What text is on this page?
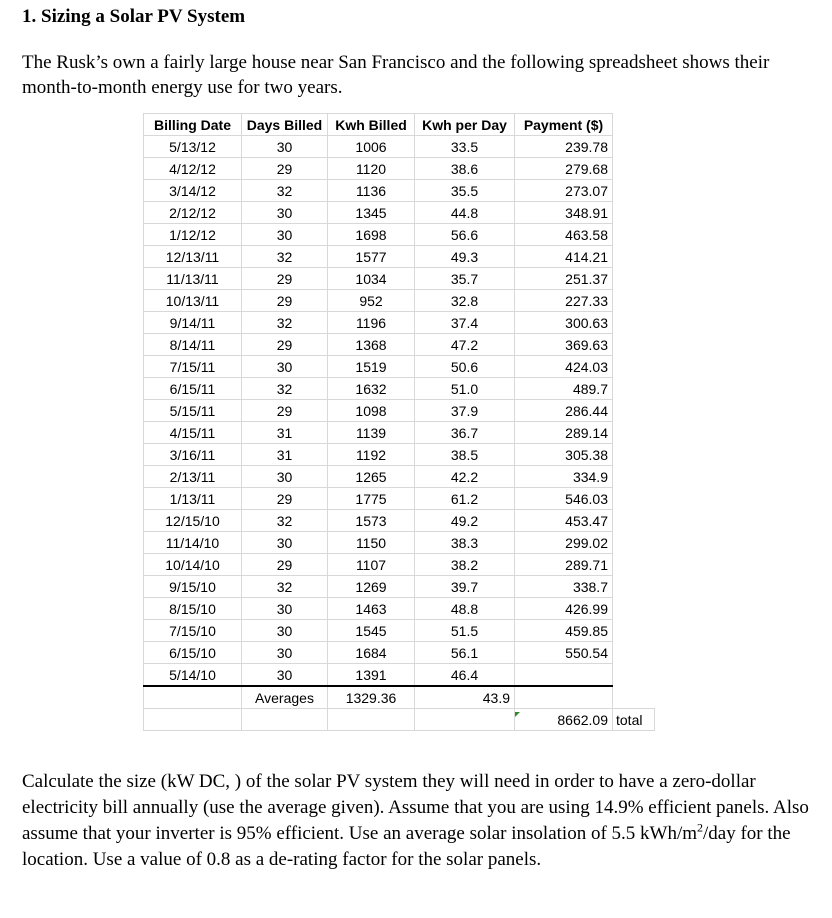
1. Sizing a Solar PV System
The Rusk’s own a fairly large house near San Francisco and the following spreadsheet shows their month-to-month energy use for two years.
Billing Date	Days Billed	Kwh Billed	Kwh per Day	Payment ($)	
5/13/12	30	1006	33.5	239.78	
4/12/12	29	1120	38.6	279.68	
3/14/12	32	1136	35.5	273.07	
2/12/12	30	1345	44.8	348.91	
1/12/12	30	1698	56.6	463.58	
12/13/11	32	1577	49.3	414.21	
11/13/11	29	1034	35.7	251.37	
10/13/11	29	952	32.8	227.33	
9/14/11	32	1196	37.4	300.63	
8/14/11	29	1368	47.2	369.63	
7/15/11	30	1519	50.6	424.03	
6/15/11	32	1632	51.0	489.7	
5/15/11	29	1098	37.9	286.44	
4/15/11	31	1139	36.7	289.14	
3/16/11	31	1192	38.5	305.38	
2/13/11	30	1265	42.2	334.9	
1/13/11	29	1775	61.2	546.03	
12/15/10	32	1573	49.2	453.47	
11/14/10	30	1150	38.3	299.02	
10/14/10	29	1107	38.2	289.71	
9/15/10	32	1269	39.7	338.7	
8/15/10	30	1463	48.8	426.99	
7/15/10	30	1545	51.5	459.85	
6/15/10	30	1684	56.1	550.54	
5/14/10	30	1391	46.4		
	Averages	1329.36	43.9		

8662.09	total
Calculate the size (kW DC, ) of the solar PV system they will need in order to have a zero-dollar electricity bill annually (use the average given). Assume that you are using 14.9% efficient panels. Also assume that your inverter is 95% efficient. Use an average solar insolation of 5.5 kWh/$m^2$/day for the location. Use a value of 0.8 as a de-rating factor for the solar panels.
